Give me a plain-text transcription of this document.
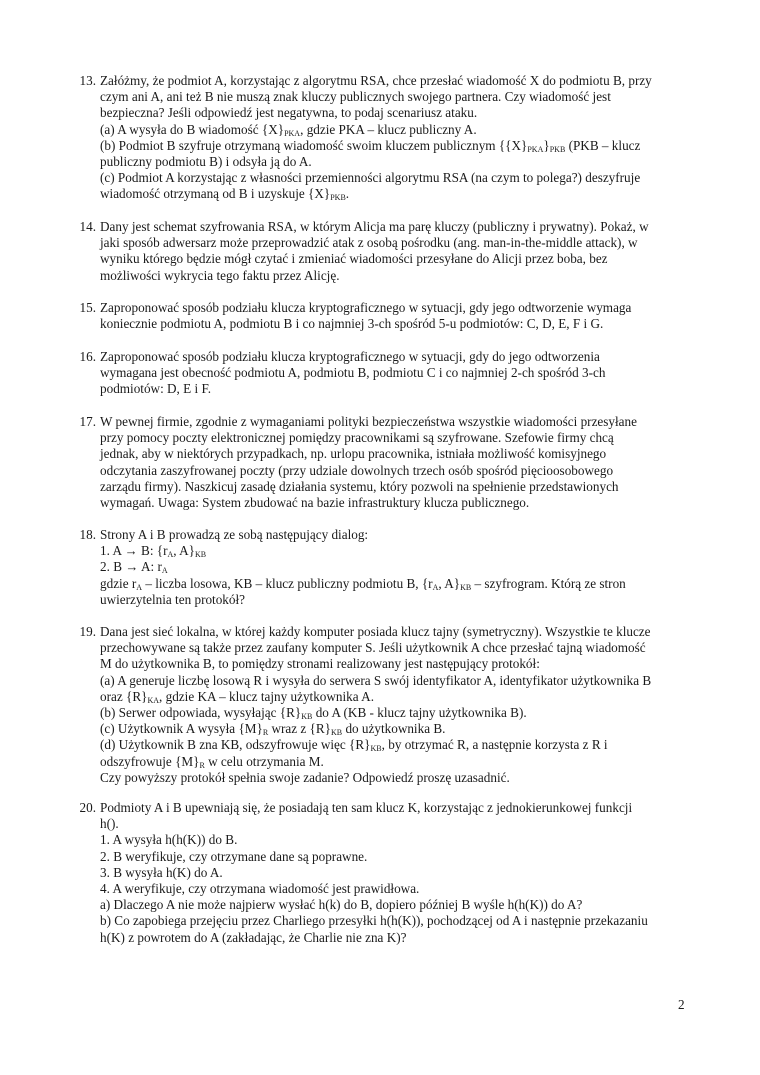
13. Załóżmy, że podmiot A, korzystając z algorytmu RSA, chce przesłać wiadomość X do podmiotu B, przy
czym ani A, ani też B nie muszą znak kluczy publicznych swojego partnera. Czy wiadomość jest
bezpieczna? Jeśli odpowiedź jest negatywna, to podaj scenariusz ataku.
(a) A wysyła do B wiadomość $\{X\}_{PKA}$, gdzie PKA – klucz publiczny A.
(b) Podmiot B szyfruje otrzymaną wiadomość swoim kluczem publicznym $\{\{X\}_{PKA}\}_{PKB}$ (PKB – klucz
publiczny podmiotu B) i odsyła ją do A.
(c) Podmiot A korzystając z własności przemienności algorytmu RSA (na czym to polega?) deszyfruje
wiadomość otrzymaną od B i uzyskuje $\{X\}_{PKB}$.
14. Dany jest schemat szyfrowania RSA, w którym Alicja ma parę kluczy (publiczny i prywatny). Pokaż, w
jaki sposób adwersarz może przeprowadzić atak z osobą pośrodku (ang. man-in-the-middle attack), w
wyniku którego będzie mógł czytać i zmieniać wiadomości przesyłane do Alicji przez boba, bez
możliwości wykrycia tego faktu przez Alicję.
15. Zaproponować sposób podziału klucza kryptograficznego w sytuacji, gdy jego odtworzenie wymaga
koniecznie podmiotu A, podmiotu B i co najmniej 3-ch spośród 5-u podmiotów: C, D, E, F i G.
16. Zaproponować sposób podziału klucza kryptograficznego w sytuacji, gdy do jego odtworzenia
wymagana jest obecność podmiotu A, podmiotu B, podmiotu C i co najmniej 2-ch spośród 3-ch
podmiotów: D, E i F.
17. W pewnej firmie, zgodnie z wymaganiami polityki bezpieczeństwa wszystkie wiadomości przesyłane
przy pomocy poczty elektronicznej pomiędzy pracownikami są szyfrowane. Szefowie firmy chcą
jednak, aby w niektórych przypadkach, np. urlopu pracownika, istniała możliwość komisyjnego
odczytania zaszyfrowanej poczty (przy udziale dowolnych trzech osób spośród pięcioosobowego
zarządu firmy). Naszkicuj zasadę działania systemu, który pozwoli na spełnienie przedstawionych
wymagań. Uwaga: System zbudować na bazie infrastruktury klucza publicznego.
18. Strony A i B prowadzą ze sobą następujący dialog:
1. A → B: {$r_A$, $A\}_{KB}$
2. B → A: $r_A$
gdzie $r_A$ – liczba losowa, KB – klucz publiczny podmiotu B, {$r_A$, $A\}_{KB}$ – szyfrogram. Którą ze stron
uwierzytelnia ten protokół?
19. Dana jest sieć lokalna, w której każdy komputer posiada klucz tajny (symetryczny). Wszystkie te klucze
przechowywane są także przez zaufany komputer S. Jeśli użytkownik A chce przesłać tajną wiadomość
M do użytkownika B, to pomiędzy stronami realizowany jest następujący protokół:
(a) A generuje liczbę losową R i wysyła do serwera S swój identyfikator A, identyfikator użytkownika B
oraz $\{R\}_{KA}$, gdzie KA – klucz tajny użytkownika A.
(b) Serwer odpowiada, wysyłając $\{R\}_{KB}$ do A (KB - klucz tajny użytkownika B).
(c) Użytkownik A wysyła $\{M\}_R$ wraz z $\{R\}_{KB}$ do użytkownika B.
(d) Użytkownik B zna KB, odszyfrowuje więc $\{R\}_{KB}$, by otrzymać R, a następnie korzysta z R i
odszyfrowuje $\{M\}_R$ w celu otrzymania M.
Czy powyższy protokół spełnia swoje zadanie? Odpowiedź proszę uzasadnić.
20. Podmioty A i B upewniają się, że posiadają ten sam klucz K, korzystając z jednokierunkowej funkcji
h().
1. A wysyła h(h(K)) do B.
2. B weryfikuje, czy otrzymane dane są poprawne.
3. B wysyła h(K) do A.
4. A weryfikuje, czy otrzymana wiadomość jest prawidłowa.
a) Dlaczego A nie może najpierw wysłać h(k) do B, dopiero później B wyśle h(h(K)) do A?
b) Co zapobiega przejęciu przez Charliego przesyłki h(h(K)), pochodzącej od A i następnie przekazaniu
h(K) z powrotem do A (zakładając, że Charlie nie zna K)?
2
